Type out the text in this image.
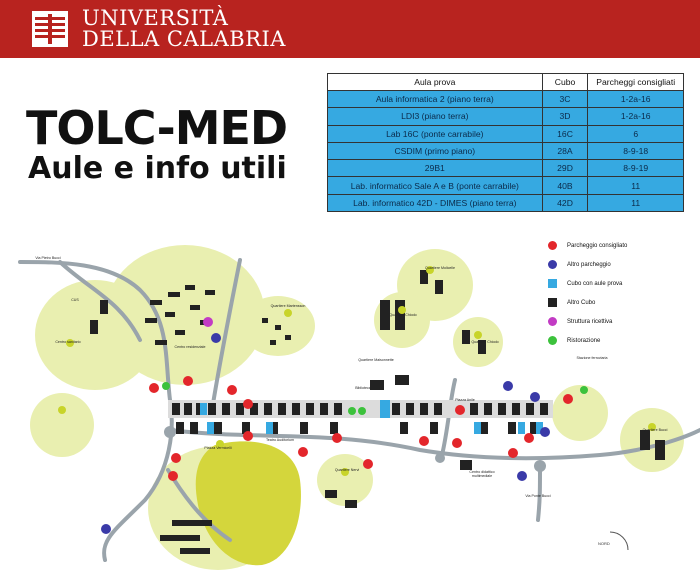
UNIVERSITÀ
DELLA CALABRIA
TOLC-MED
Aule e info utili
Aula prova	Cubo	Parcheggi consigliati
Aula informatica 2 (piano terra)	3C	1-2a-16
LDI3 (piano terra)	3D	1-2a-16
Lab 16C (ponte carrabile)	16C	6
CSDIM (primo piano)	28A	8-9-18
29B1	29D	8-9-19
Lab. informatico Sale A e B (ponte carrabile)	40B	11
Lab. informatico 42D - DIMES (piano terra)	42D	11
NORD
Parcheggio consigliato
Altro parcheggio
Cubo con aule prova
Altro Cubo
Struttura ricettiva
Ristorazione
Via Pietro Bucci
Quartiere Martensson
Centro sanitario
CUS
Centro residenziale
Quartiere Maisonnette
Piazza Vermicelli
Biblioteca
Teatro Auditorium
Piazza Anile
Quartiere Chiodo
Quartiere Nervi
Quartiere Molicelle
Quartiere Bucci
Quartiere Chiodo 2
Stazione ferroviaria
Centro didattico multimediale
Via Ponte Bucci
